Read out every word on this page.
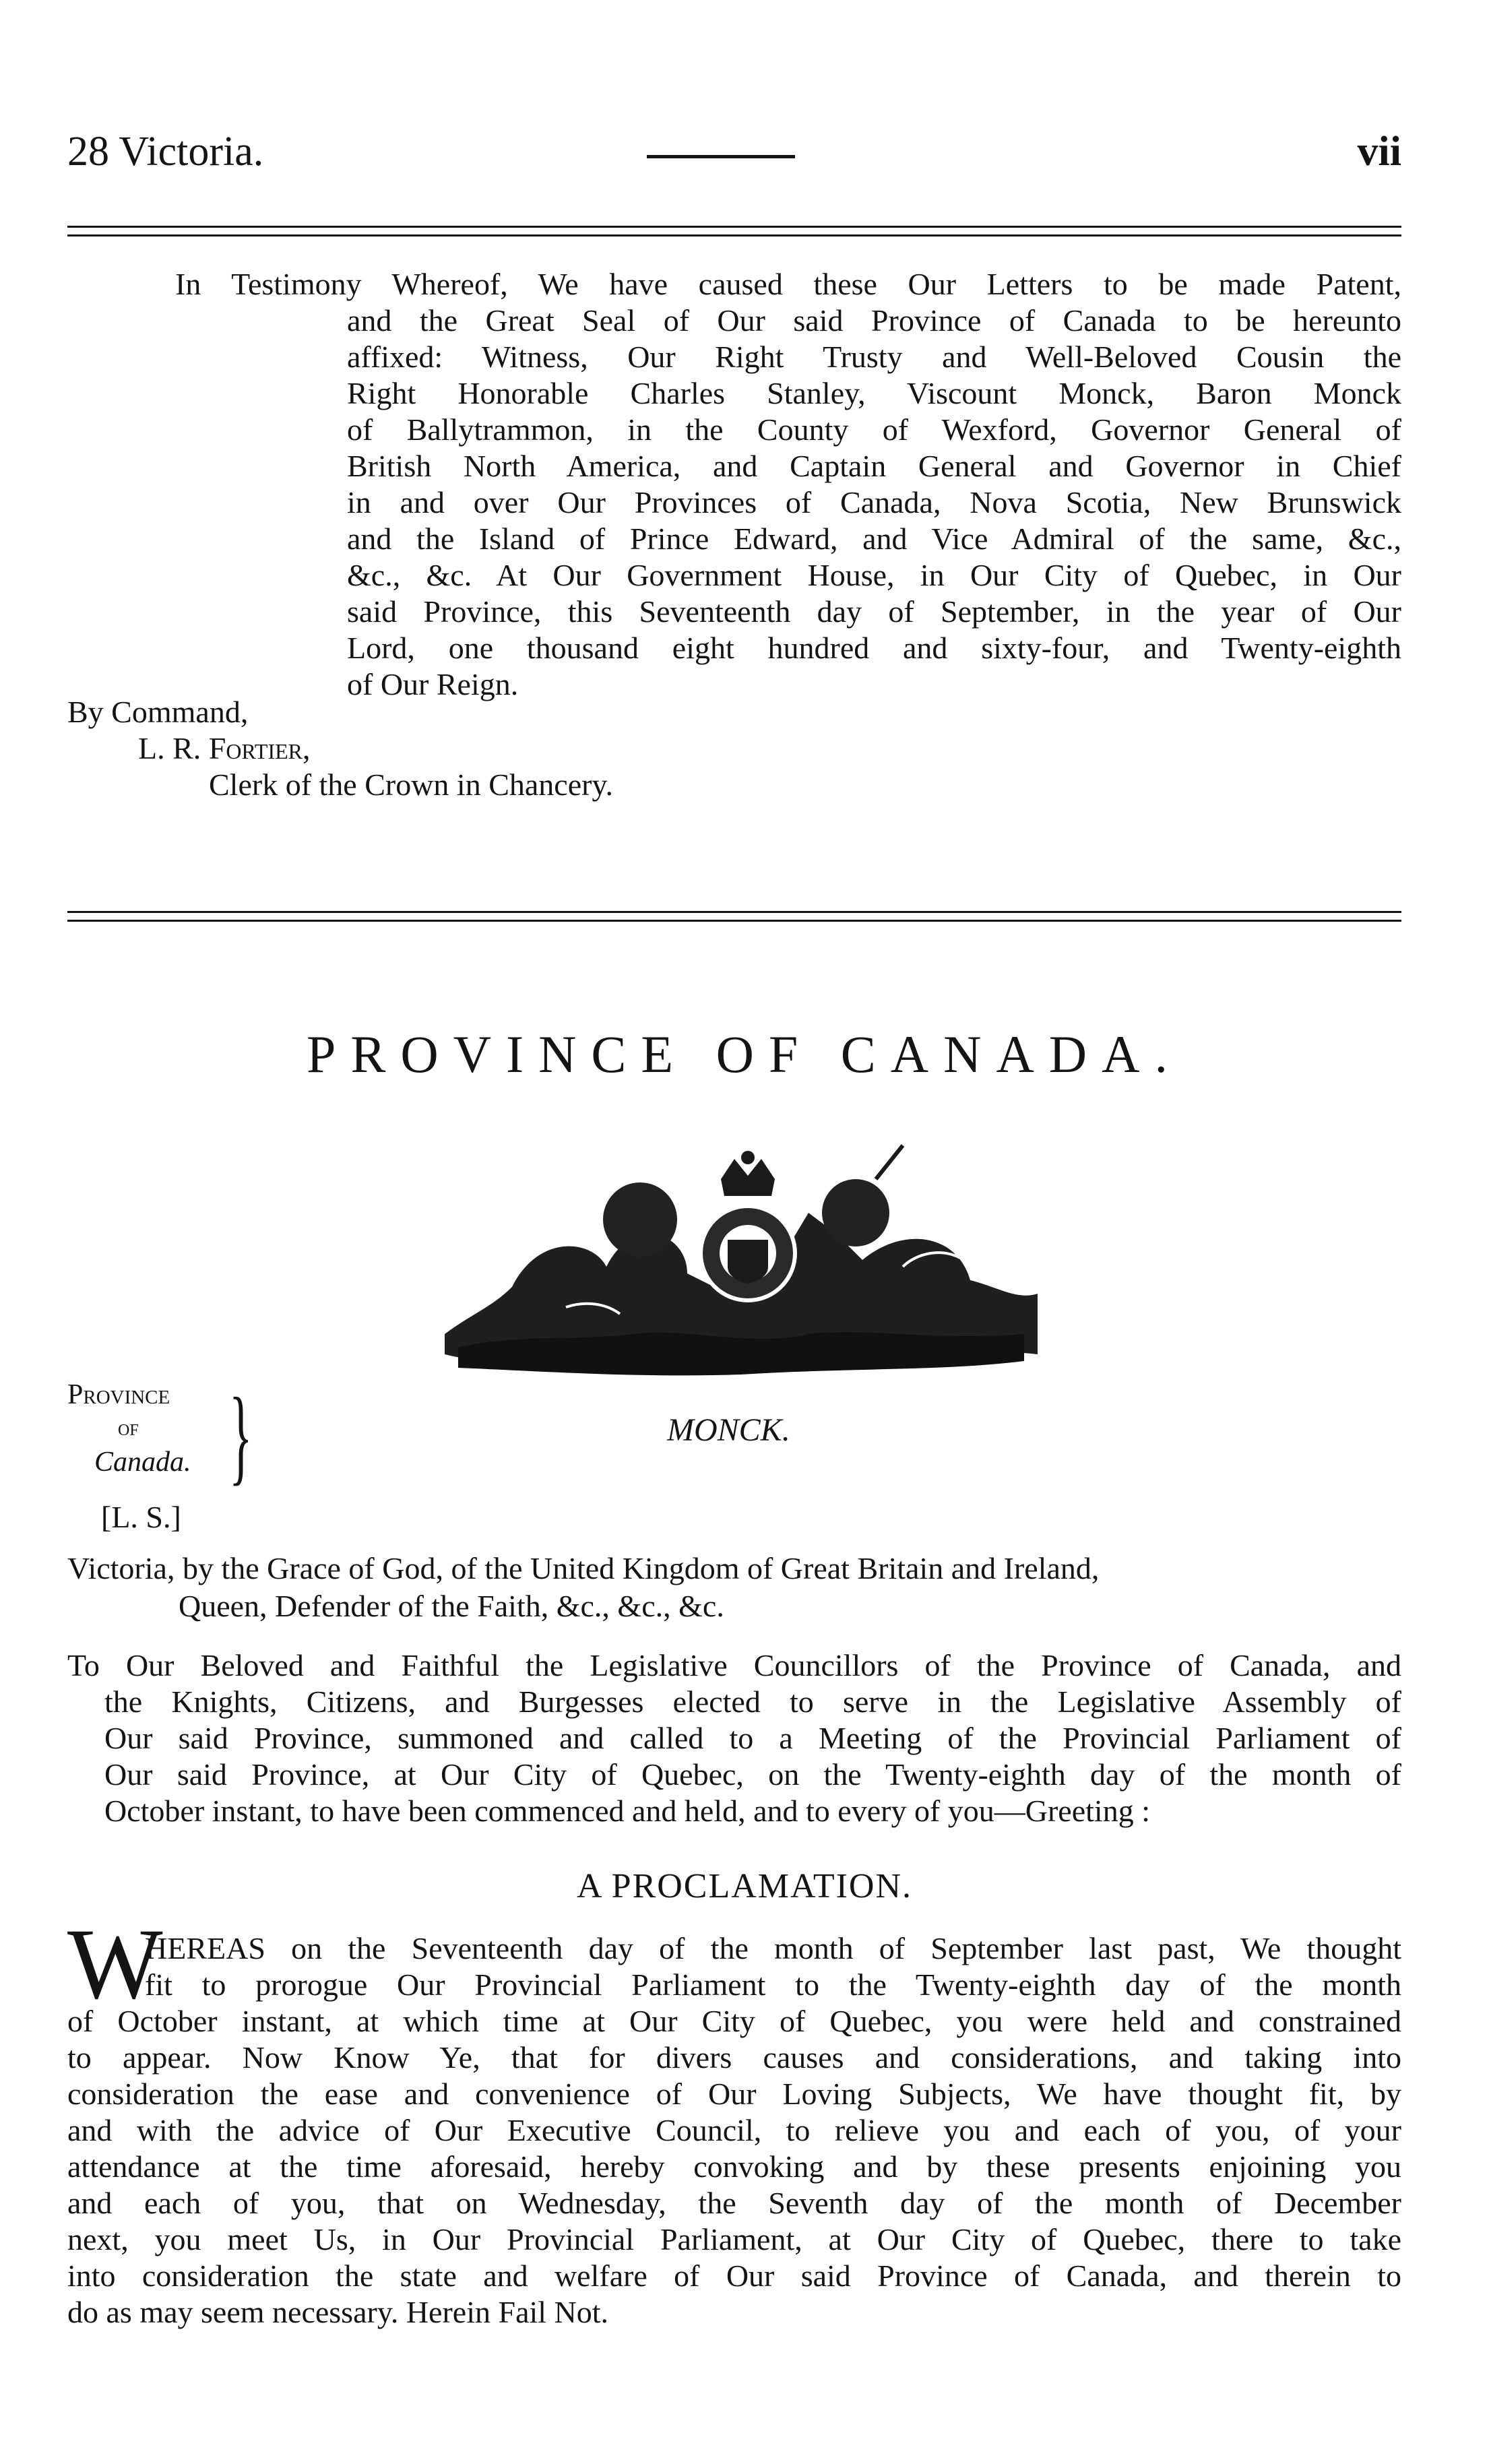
28 Victoria.	vii
In Testimony Whereof, We have caused these Our Letters to be made Patent,
and the Great Seal of Our said Province of Canada to be hereunto
affixed: Witness, Our Right Trusty and Well-Beloved Cousin the
Right Honorable Charles Stanley, Viscount Monck, Baron Monck
of Ballytrammon, in the County of Wexford, Governor General of
British North America, and Captain General and Governor in Chief
in and over Our Provinces of Canada, Nova Scotia, New Brunswick
and the Island of Prince Edward, and Vice Admiral of the same, &c.,
&c., &c. At Our Government House, in Our City of Quebec, in Our
said Province, this Seventeenth day of September, in the year of Our
Lord, one thousand eight hundred and sixty-four, and Twenty-eighth
of Our Reign.
By Command,
L. R. Fortier,
Clerk of the Crown in Chancery.
PROVINCE OF CANADA.
Province
of
Canada. }
[L. S.]
MONCK.
Victoria, by the Grace of God, of the United Kingdom of Great Britain and Ireland,
Queen, Defender of the Faith, &c., &c., &c.
To Our Beloved and Faithful the Legislative Councillors of the Province of Canada, and
the Knights, Citizens, and Burgesses elected to serve in the Legislative Assembly of
Our said Province, summoned and called to a Meeting of the Provincial Parliament of
Our said Province, at Our City of Quebec, on the Twenty-eighth day of the month of
October instant, to have been commenced and held, and to every of you—Greeting :
A PROCLAMATION.
W
HEREAS on the Seventeenth day of the month of September last past, We thought
fit to prorogue Our Provincial Parliament to the Twenty-eighth day of the month
of October instant, at which time at Our City of Quebec, you were held and constrained
to appear. Now Know Ye, that for divers causes and considerations, and taking into
consideration the ease and convenience of Our Loving Subjects, We have thought fit, by
and with the advice of Our Executive Council, to relieve you and each of you, of your
attendance at the time aforesaid, hereby convoking and by these presents enjoining you
and each of you, that on Wednesday, the Seventh day of the month of December
next, you meet Us, in Our Provincial Parliament, at Our City of Quebec, there to take
into consideration the state and welfare of Our said Province of Canada, and therein to
do as may seem necessary. Herein Fail Not.
